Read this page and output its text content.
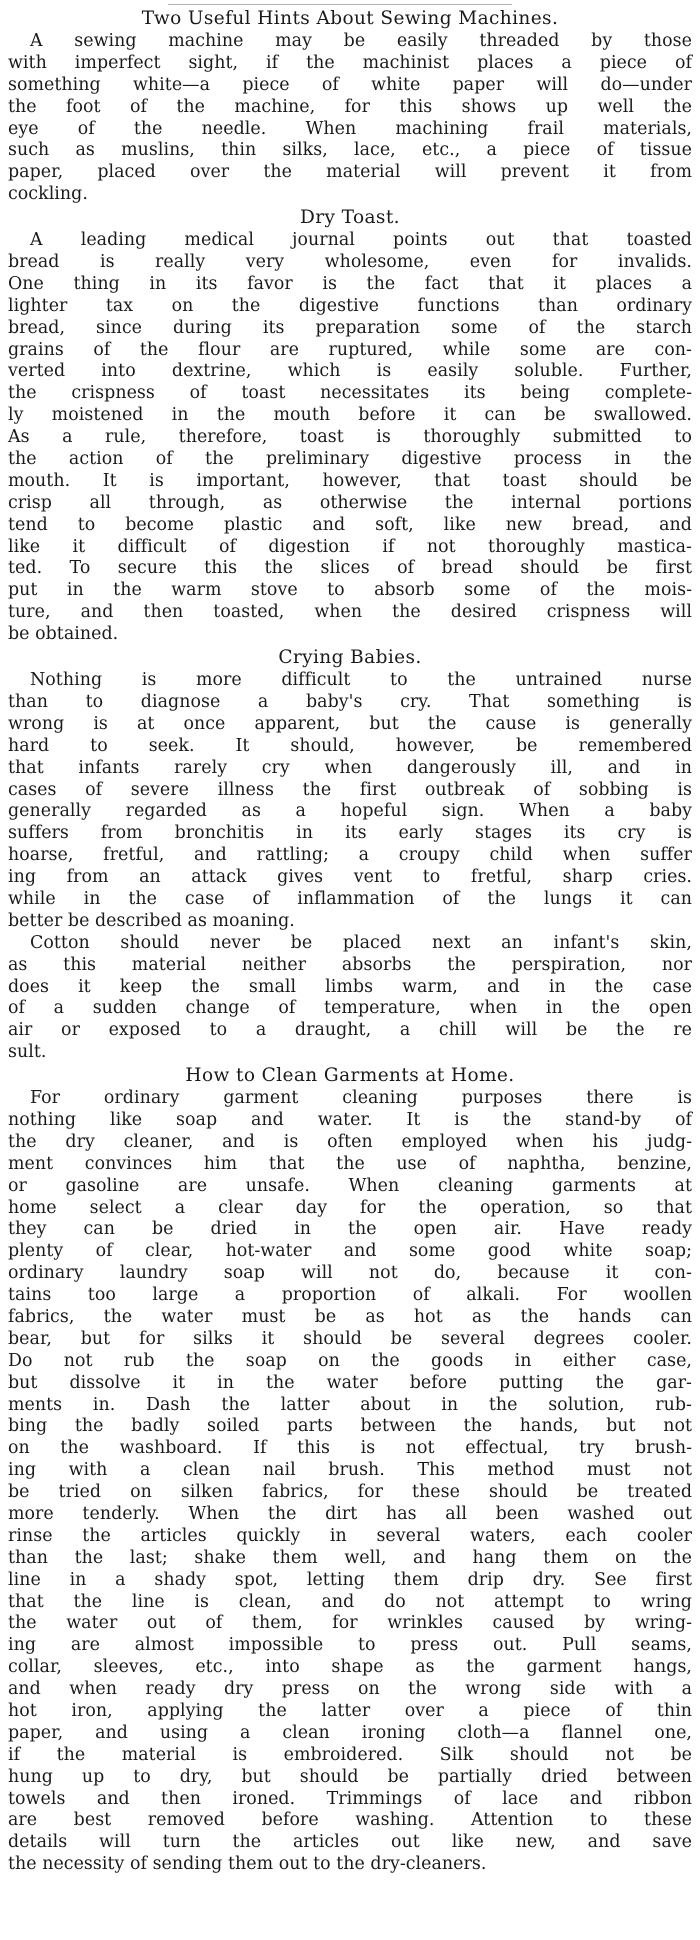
Two Useful Hints About Sewing Machines.
A sewing machine may be easily threaded by those
with imperfect sight, if the machinist places a piece of
something white—a piece of white paper will do—under
the foot of the machine, for this shows up well the
eye of the needle. When machining frail materials,
such as muslins, thin silks, lace, etc., a piece of tissue
paper, placed over the material will prevent it from
cockling.
Dry Toast.
A leading medical journal points out that toasted
bread is really very wholesome, even for invalids.
One thing in its favor is the fact that it places a
lighter tax on the digestive functions than ordinary
bread, since during its preparation some of the starch
grains of the flour are ruptured, while some are con-
verted into dextrine, which is easily soluble. Further,
the crispness of toast necessitates its being complete-
ly moistened in the mouth before it can be swallowed.
As a rule, therefore, toast is thoroughly submitted to
the action of the preliminary digestive process in the
mouth. It is important, however, that toast should be
crisp all through, as otherwise the internal portions
tend to become plastic and soft, like new bread, and
like it difficult of digestion if not thoroughly mastica-
ted. To secure this the slices of bread should be first
put in the warm stove to absorb some of the mois-
ture, and then toasted, when the desired crispness will
be obtained.
Crying Babies.
Nothing is more difficult to the untrained nurse
than to diagnose a baby's cry. That something is
wrong is at once apparent, but the cause is generally
hard to seek. It should, however, be remembered
that infants rarely cry when dangerously ill, and in
cases of severe illness the first outbreak of sobbing is
generally regarded as a hopeful sign. When a baby
suffers from bronchitis in its early stages its cry is
hoarse, fretful, and rattling; a croupy child when suffer
ing from an attack gives vent to fretful, sharp cries.
while in the case of inflammation of the lungs it can
better be described as moaning.
Cotton should never be placed next an infant's skin,
as this material neither absorbs the perspiration, nor
does it keep the small limbs warm, and in the case
of a sudden change of temperature, when in the open
air or exposed to a draught, a chill will be the re
sult.
How to Clean Garments at Home.
For ordinary garment cleaning purposes there is
nothing like soap and water. It is the stand-by of
the dry cleaner, and is often employed when his judg-
ment convinces him that the use of naphtha, benzine,
or gasoline are unsafe. When cleaning garments at
home select a clear day for the operation, so that
they can be dried in the open air. Have ready
plenty of clear, hot-water and some good white soap;
ordinary laundry soap will not do, because it con-
tains too large a proportion of alkali. For woollen
fabrics, the water must be as hot as the hands can
bear, but for silks it should be several degrees cooler.
Do not rub the soap on the goods in either case,
but dissolve it in the water before putting the gar-
ments in. Dash the latter about in the solution, rub-
bing the badly soiled parts between the hands, but not
on the washboard. If this is not effectual, try brush-
ing with a clean nail brush. This method must not
be tried on silken fabrics, for these should be treated
more tenderly. When the dirt has all been washed out
rinse the articles quickly in several waters, each cooler
than the last; shake them well, and hang them on the
line in a shady spot, letting them drip dry. See first
that the line is clean, and do not attempt to wring
the water out of them, for wrinkles caused by wring-
ing are almost impossible to press out. Pull seams,
collar, sleeves, etc., into shape as the garment hangs,
and when ready dry press on the wrong side with a
hot iron, applying the latter over a piece of thin
paper, and using a clean ironing cloth—a flannel one,
if the material is embroidered. Silk should not be
hung up to dry, but should be partially dried between
towels and then ironed. Trimmings of lace and ribbon
are best removed before washing. Attention to these
details will turn the articles out like new, and save
the necessity of sending them out to the dry-cleaners.
